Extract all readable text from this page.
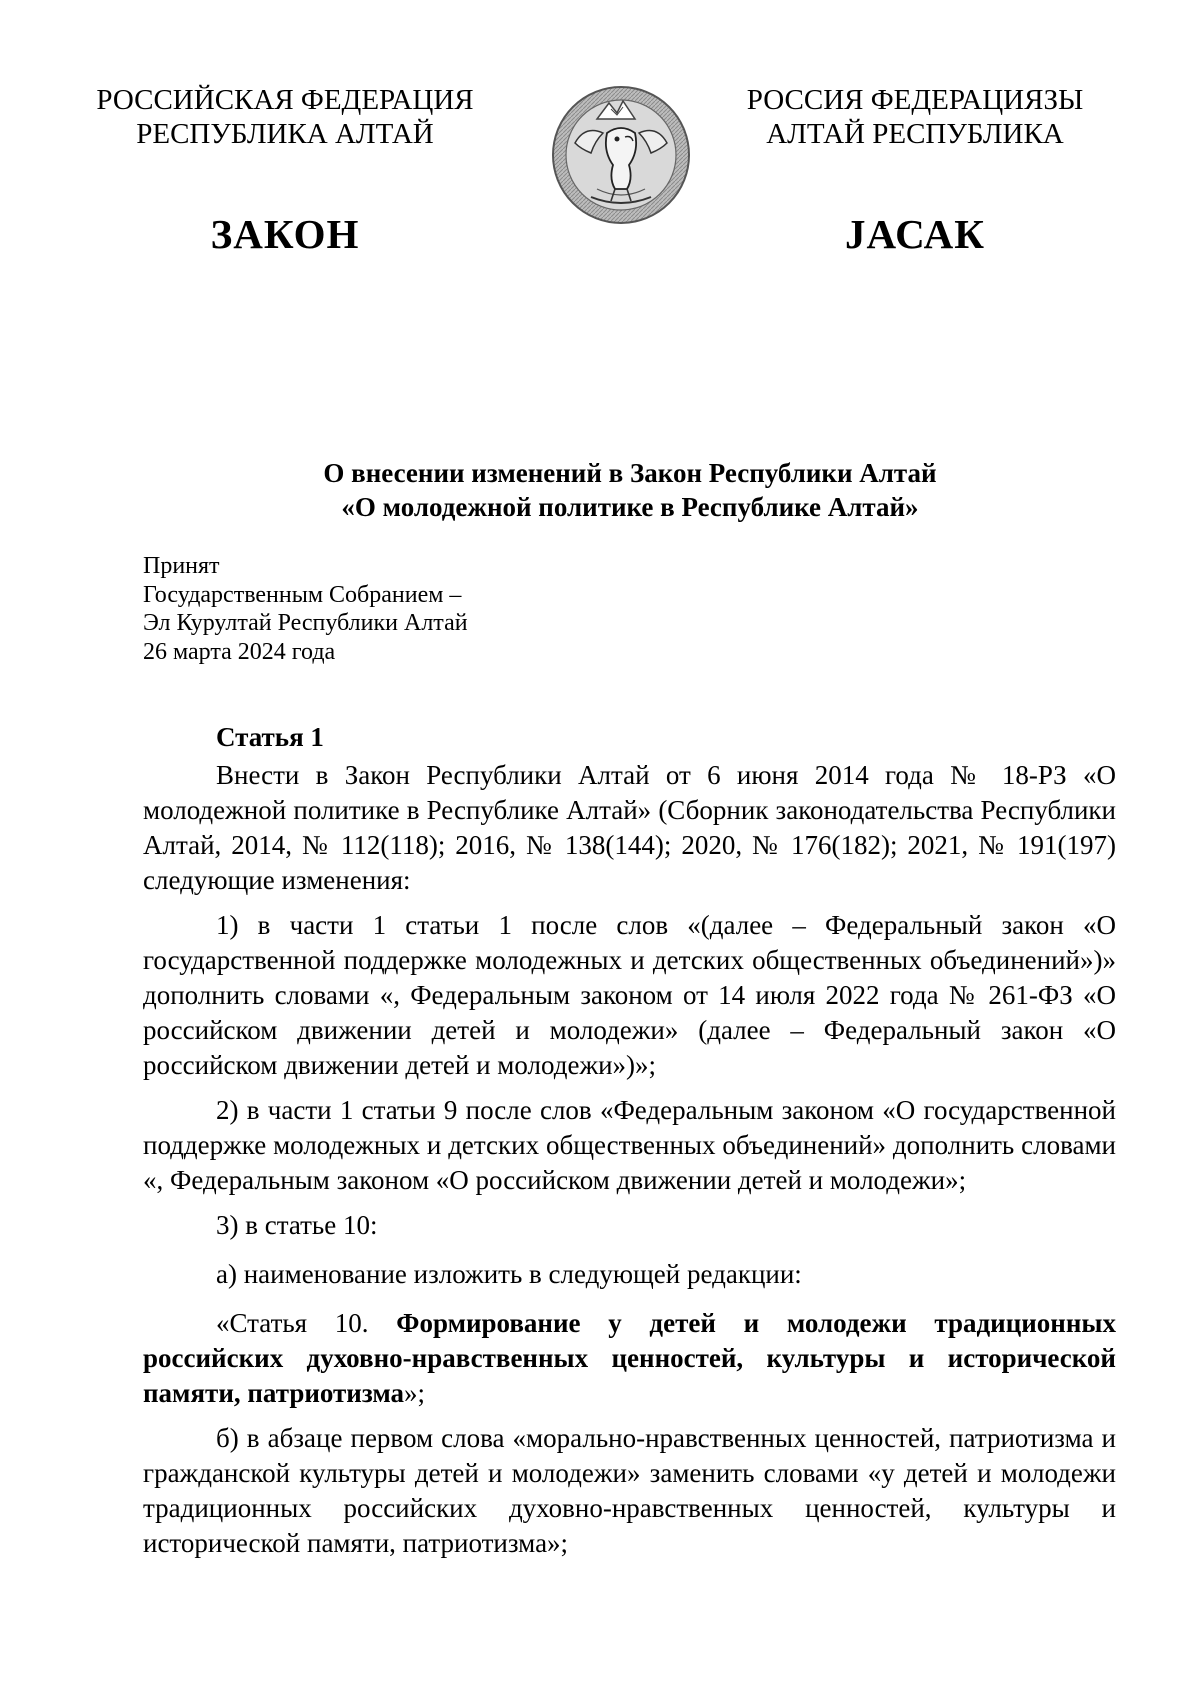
РОССИЙСКАЯ ФЕДЕРАЦИЯ
РЕСПУБЛИКА АЛТАЙ
РОССИЯ ФЕДЕРАЦИЯЗЫ
АЛТАЙ РЕСПУБЛИКА
ЗАКОН	JАСАК
О внесении изменений в Закон Республики Алтай
«О молодежной политике в Республике Алтай»
Принят
Государственным Собранием –
Эл Курултай Республики Алтай
26 марта 2024 года

Статья 1

Внести в Закон Республики Алтай от 6 июня 2014 года № 18-РЗ «О молодежной политике в Республике Алтай» (Сборник законодательства Республики Алтай, 2014, № 112(118); 2016, № 138(144); 2020, № 176(182); 2021, № 191(197) следующие изменения:

1) в части 1 статьи 1 после слов «(далее – Федеральный закон «О государственной поддержке молодежных и детских общественных объединений»)» дополнить словами «, Федеральным законом от 14 июля 2022 года № 261-ФЗ «О российском движении детей и молодежи» (далее – Федеральный закон «О российском движении детей и молодежи»)»;

2) в части 1 статьи 9 после слов «Федеральным законом «О государственной поддержке молодежных и детских общественных объединений» дополнить словами «, Федеральным законом «О российском движении детей и молодежи»;

3) в статье 10:

а) наименование изложить в следующей редакции:

«Статья 10. Формирование у детей и молодежи традиционных российских духовно-нравственных ценностей, культуры и исторической памяти, патриотизма»;

б) в абзаце первом слова «морально-нравственных ценностей, патриотизма и гражданской культуры детей и молодежи» заменить словами «у детей и молодежи традиционных российских духовно-нравственных ценностей, культуры и исторической памяти, патриотизма»;
